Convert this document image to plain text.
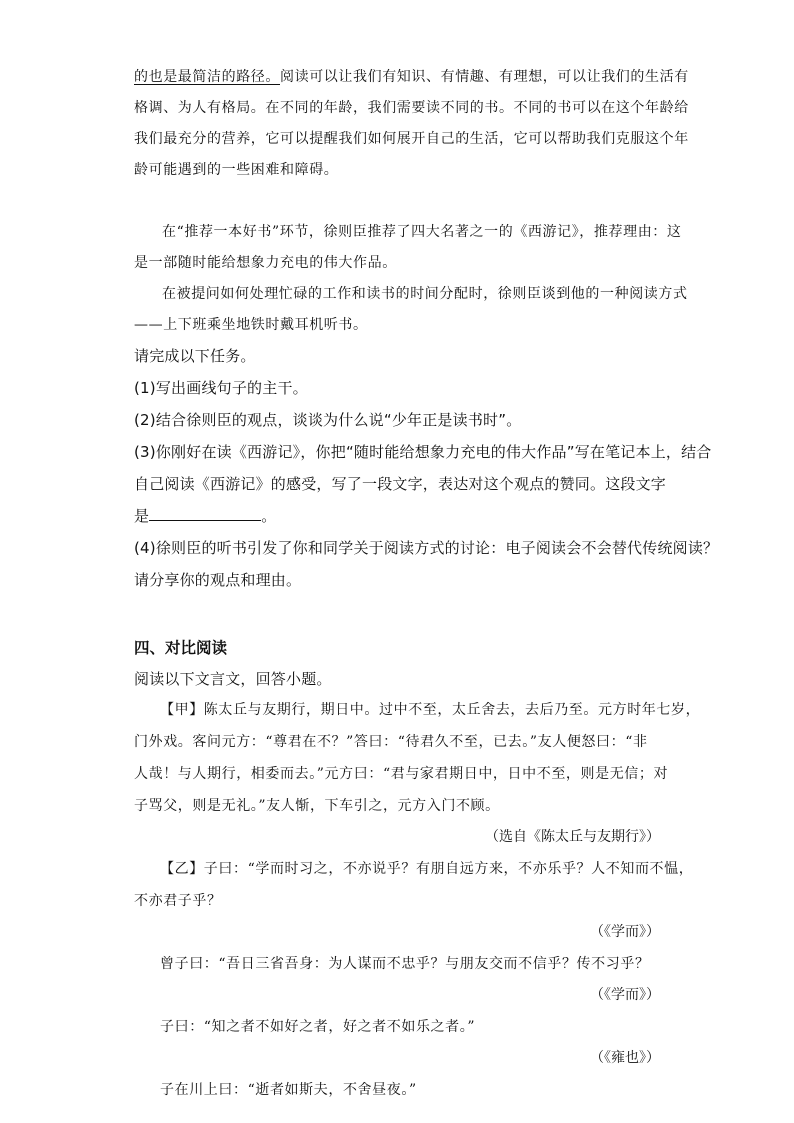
的也是最简洁的路径。阅读可以让我们有知识、有情趣、有理想，可以让我们的生活有
格调、为人有格局。在不同的年龄，我们需要读不同的书。不同的书可以在这个年龄给
我们最充分的营养，它可以提醒我们如何展开自己的生活，它可以帮助我们克服这个年
龄可能遇到的一些困难和障碍。
在“推荐一本好书”环节，徐则臣推荐了四大名著之一的《西游记》，推荐理由：这
是一部随时能给想象力充电的伟大作品。
在被提问如何处理忙碌的工作和读书的时间分配时，徐则臣谈到他的一种阅读方式
——上下班乘坐地铁时戴耳机听书。
请完成以下任务。
(1)写出画线句子的主干。
(2)结合徐则臣的观点，谈谈为什么说“少年正是读书时”。
(3)你刚好在读《西游记》，你把“随时能给想象力充电的伟大作品”写在笔记本上，结合
自己阅读《西游记》的感受，写了一段文字，表达对这个观点的赞同。这段文字
是	。
(4)徐则臣的听书引发了你和同学关于阅读方式的讨论：电子阅读会不会替代传统阅读？
请分享你的观点和理由。
四、对比阅读
阅读以下文言文，回答小题。
【甲】陈太丘与友期行，期日中。过中不至，太丘舍去，去后乃至。元方时年七岁，
门外戏。客问元方：“尊君在不？”答曰：“待君久不至，已去。”友人便怒曰：“非
人哉！与人期行，相委而去。”元方曰：“君与家君期日中，日中不至，则是无信；对
子骂父，则是无礼。”友人惭，下车引之，元方入门不顾。
（选自《陈太丘与友期行》）
【乙】子曰：“学而时习之，不亦说乎？有朋自远方来，不亦乐乎？人不知而不愠，
不亦君子乎？
（《学而》）
曾子曰：“吾日三省吾身：为人谋而不忠乎？与朋友交而不信乎？传不习乎？
（《学而》）
子曰：“知之者不如好之者，好之者不如乐之者。”
（《雍也》）
子在川上曰：“逝者如斯夫，不舍昼夜。”
